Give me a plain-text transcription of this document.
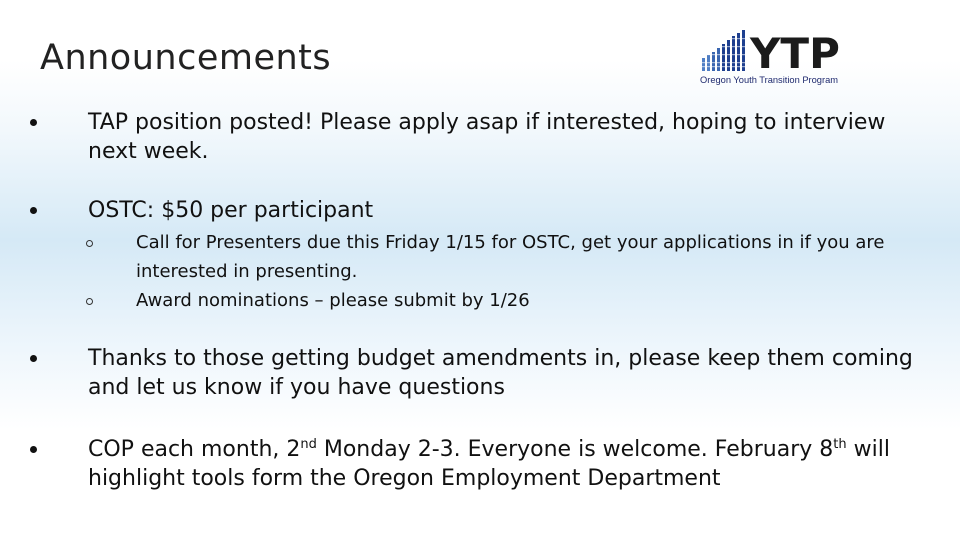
Announcements	YTP
Oregon Youth Transition Program
TAP position posted! Please apply asap if interested, hoping to interview next week.
OSTC: $50 per participant
Call for Presenters due this Friday 1/15 for OSTC, get your applications in if you are interested in presenting.
Award nominations – please submit by 1/26
Thanks to those getting budget amendments in, please keep them coming and let us know if you have questions
COP each month, 2nd Monday 2-3. Everyone is welcome. February 8th will highlight tools form the Oregon Employment Department
